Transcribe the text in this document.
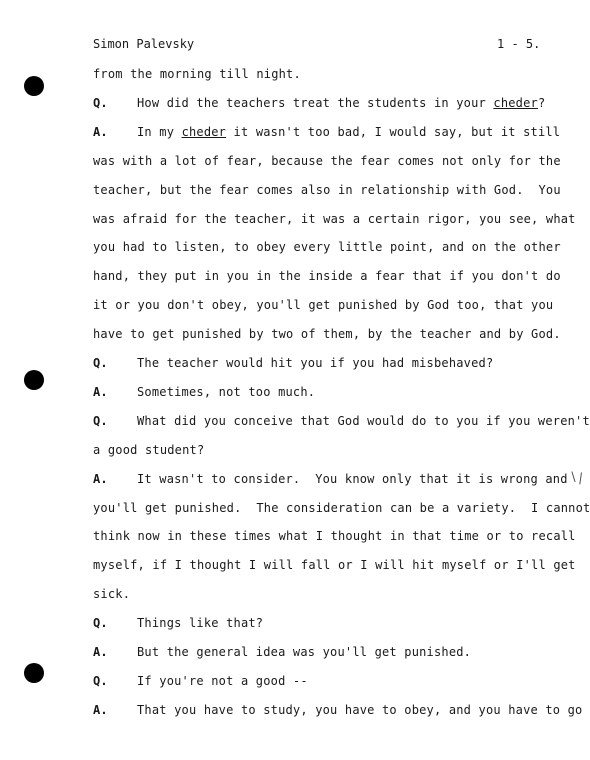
Simon Palevsky	1 - 5.
from the morning till night.
Q. How did the teachers treat the students in your cheder?
A. In my cheder it wasn't too bad, I would say, but it still
was with a lot of fear, because the fear comes not only for the
teacher, but the fear comes also in relationship with God.  You
was afraid for the teacher, it was a certain rigor, you see, what
you had to listen, to obey every little point, and on the other
hand, they put in you in the inside a fear that if you don't do
it or you don't obey, you'll get punished by God too, that you
have to get punished by two of them, by the teacher and by God.
Q. The teacher would hit you if you had misbehaved?
A. Sometimes, not too much.
Q. What did you conceive that God would do to you if you weren't
a good student?
A. It wasn't to consider.  You know only that it is wrong and
you'll get punished.  The consideration can be a variety.  I cannot
think now in these times what I thought in that time or to recall
myself, if I thought I will fall or I will hit myself or I'll get
sick.
Q. Things like that?
A. But the general idea was you'll get punished.
Q. If you're not a good --
A. That you have to study, you have to obey, and you have to go
\|
